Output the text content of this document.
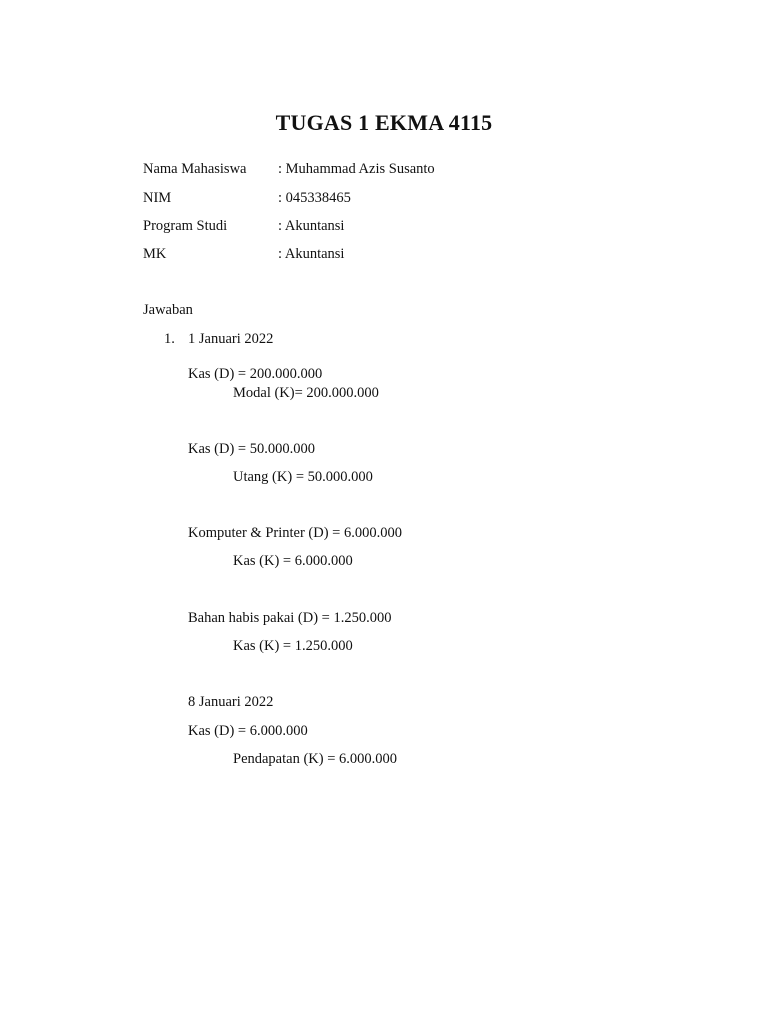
TUGAS 1 EKMA 4115
Nama Mahasiswa : Muhammad Azis Susanto
NIM	: 045338465
Program Studi	: Akuntansi
MK	: Akuntansi
Jawaban
1. 1 Januari 2022
Kas (D) = 200.000.000
Modal (K)= 200.000.000
Kas (D) = 50.000.000
Utang (K) = 50.000.000
Komputer & Printer (D) = 6.000.000
Kas (K) = 6.000.000
Bahan habis pakai (D) = 1.250.000
Kas (K) = 1.250.000
8 Januari 2022
Kas (D) = 6.000.000
Pendapatan (K) = 6.000.000
